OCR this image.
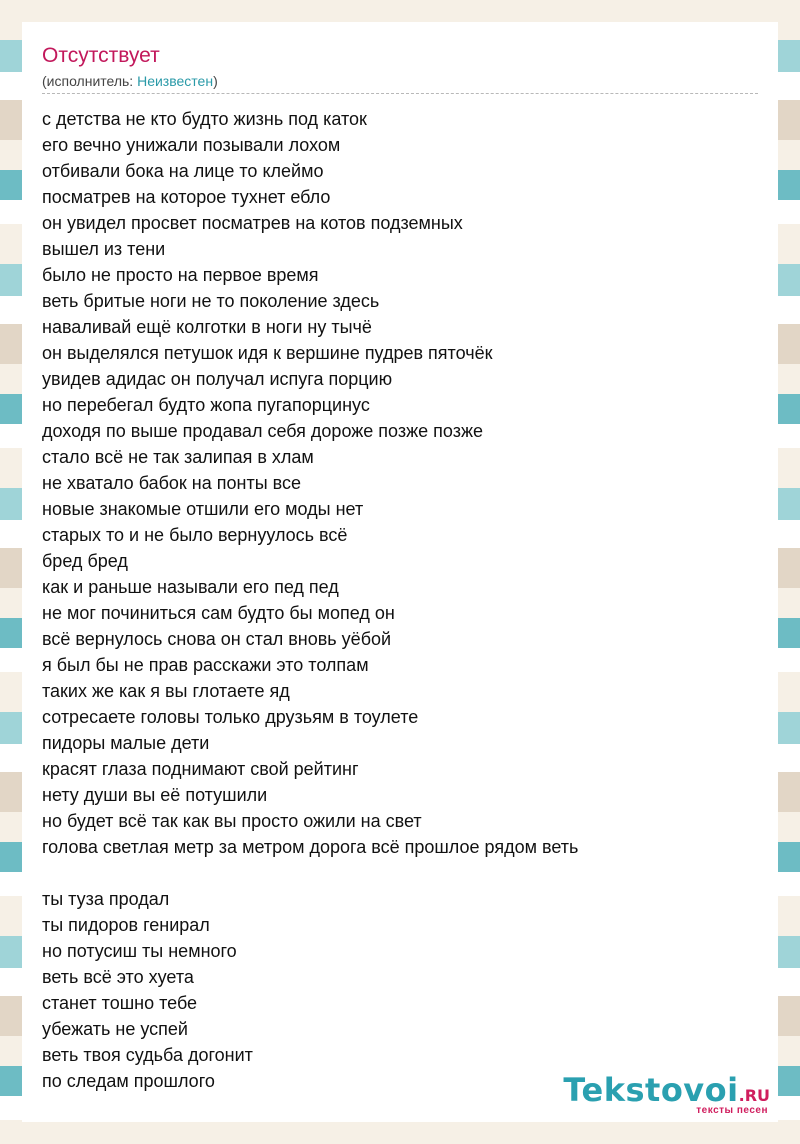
Отсутствует
(исполнитель: Неизвестен)
с детства не кто будто жизнь под каток
его вечно унижали позывали лохом
отбивали бока на лице то клеймо
посматрев на которое тухнет ебло
он увидел просвет посматрев на котов подземных
вышел из тени
было не просто на первое время
веть бритые ноги не то поколение здесь
наваливай ещё колготки в ноги ну тычё
он выделялся петушок идя к вершине пудрев пяточёк
увидев адидас он получал испуга порцию
но перебегал будто жопа пугапорцинус
доходя по выше продавал себя дороже позже позже
стало всё не так залипая в хлам
не хватало бабок на понты все
новые знакомые отшили его моды нет
старых то и не было вернуулось всё
бред бред
как и раньше называли его пед пед
не мог починиться сам будто бы мопед он
всё вернулось снова он стал вновь уёбой
я был бы не прав расскажи это толпам
таких же как я вы глотаете яд
сотресаете головы только друзьям в тоулете
пидоры малые дети
красят глаза поднимают свой рейтинг
нету души вы её потушили
но будет всё так как вы просто ожили на свет
голова светлая метр за метром дорога всё прошлое рядом веть
ты туза продал
ты пидоров генирал
но потусиш ты немного
веть всё это хуета
станет тошно тебе
убежать не успей
веть твоя судьба догонит
по следам прошлого	Tekstovoi.RU
тексты песен
